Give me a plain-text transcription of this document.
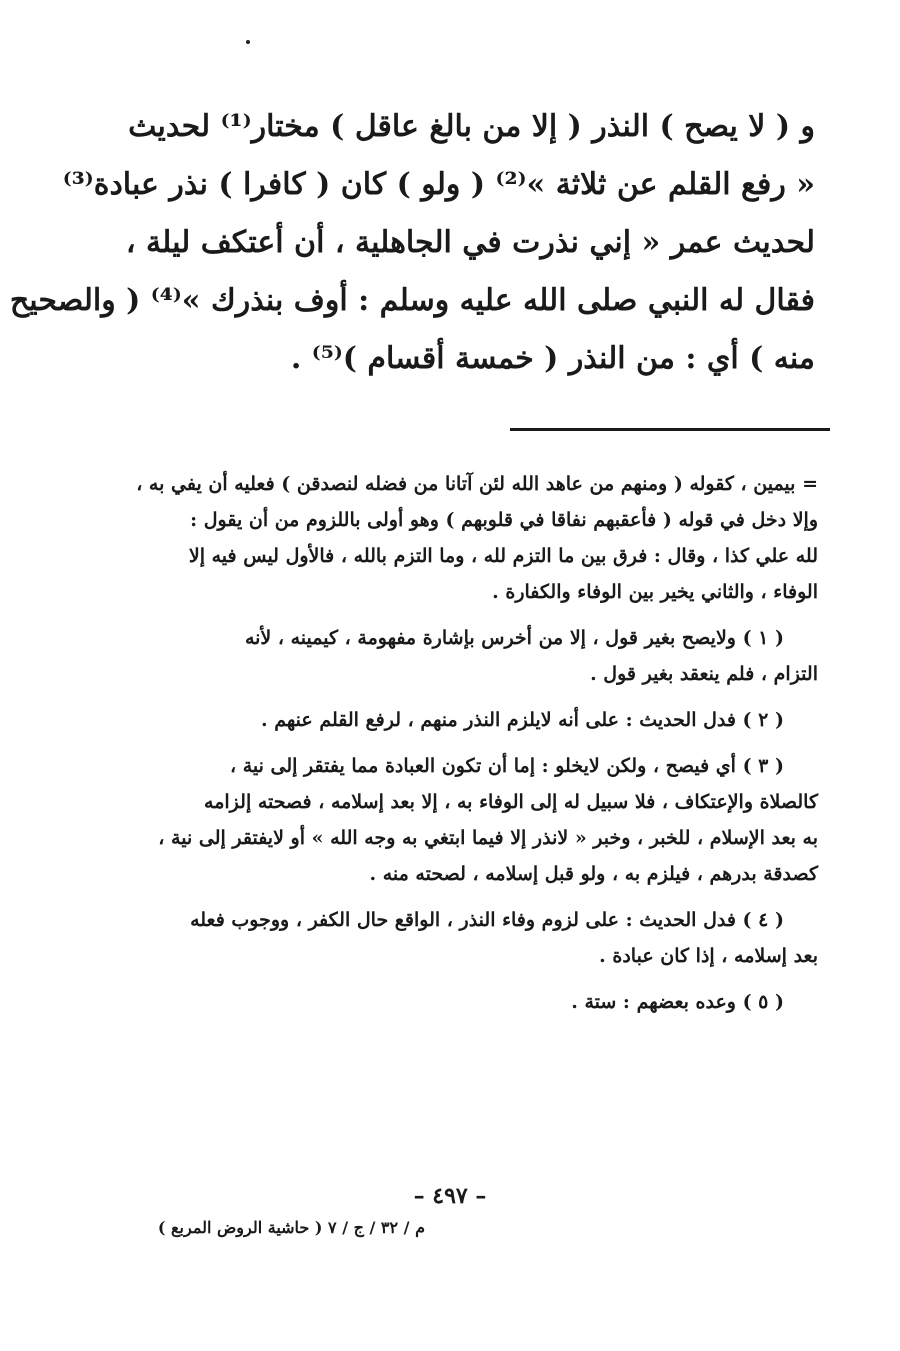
و ( لا يصح ) النذر ( إلا من بالغ عاقل ) مختار⁽¹⁾ لحديث
« رفع القلم عن ثلاثة »⁽²⁾ ( ولو ) كان ( كافرا ) نذر عبادة⁽³⁾
لحديث عمر « إني نذرت في الجاهلية ، أن أعتكف ليلة ،
فقال له النبي صلى الله عليه وسلم : أوف بنذرك »⁽⁴⁾ ( والصحيح
منه ) أي : من النذر ( خمسة أقسام )⁽⁵⁾ .
= بيمين ، كقوله ( ومنهم من عاهد الله لئن آتانا من فضله لنصدقن ) فعليه أن يفي به ،
وإلا دخل في قوله ( فأعقبهم نفاقا في قلوبهم ) وهو أولى باللزوم من أن يقول :
لله علي كذا ، وقال : فرق بين ما التزم لله ، وما التزم بالله ، فالأول ليس فيه إلا
الوفاء ، والثاني يخير بين الوفاء والكفارة .
( ١ ) ولايصح بغير قول ، إلا من أخرس بإشارة مفهومة ، كيمينه ، لأنه
التزام ، فلم ينعقد بغير قول .
( ٢ ) فدل الحديث : على أنه لايلزم النذر منهم ، لرفع القلم عنهم .
( ٣ ) أي فيصح ، ولكن لايخلو : إما أن تكون العبادة مما يفتقر إلى نية ،
كالصلاة والإعتكاف ، فلا سبيل له إلى الوفاء به ، إلا بعد إسلامه ، فصحته إلزامه
به بعد الإسلام ، للخبر ، وخبر « لانذر إلا فيما ابتغي به وجه الله » أو لايفتقر إلى نية ،
كصدقة بدرهم ، فيلزم به ، ولو قبل إسلامه ، لصحته منه .
( ٤ ) فدل الحديث : على لزوم وفاء النذر ، الواقع حال الكفر ، ووجوب فعله
بعد إسلامه ، إذا كان عبادة .
( ٥ ) وعده بعضهم : ستة .
– ٤٩٧ –
م / ٣٢ / ج / ٧ ( حاشية الروض المربع )
